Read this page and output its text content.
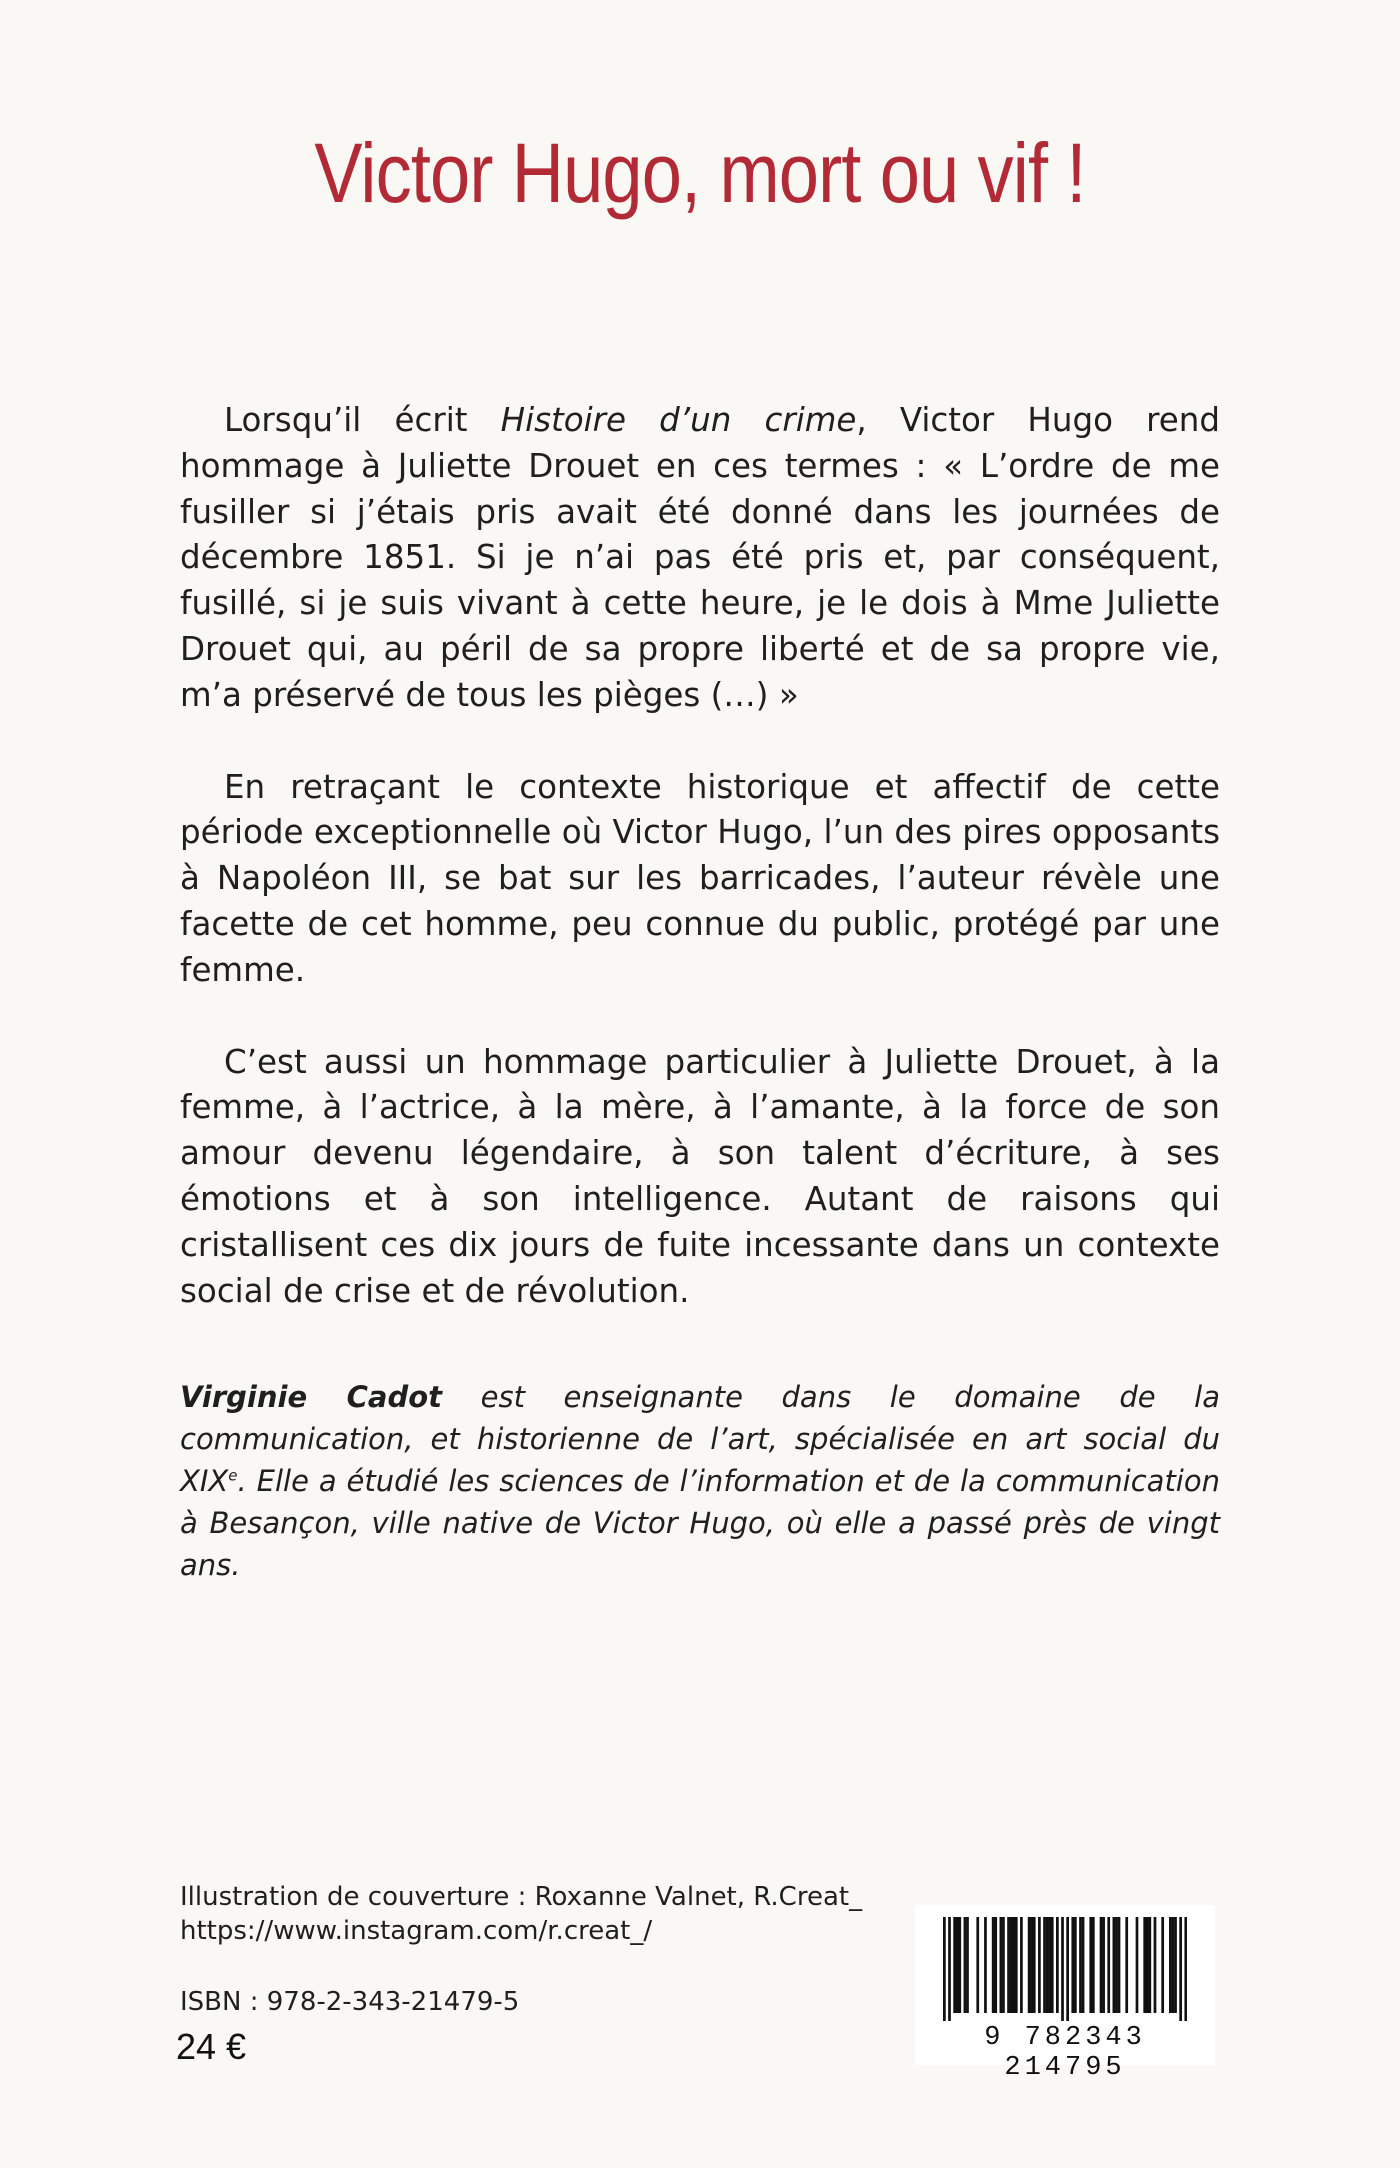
Victor Hugo, mort ou vif !

Lorsqu’il écrit Histoire d’un crime, Victor Hugo rend hommage à Juliette Drouet en ces termes : « L’ordre de me fusiller si j’étais pris avait été donné dans les journées de décembre 1851. Si je n’ai pas été pris et, par conséquent, fusillé, si je suis vivant à cette heure, je le dois à Mme Juliette Drouet qui, au péril de sa propre liberté et de sa propre vie, m’a préservé de tous les pièges (…) »

En retraçant le contexte historique et affectif de cette période exceptionnelle où Victor Hugo, l’un des pires opposants à Napoléon III, se bat sur les barricades, l’auteur révèle une facette de cet homme, peu connue du public, protégé par une femme.

C’est aussi un hommage particulier à Juliette Drouet, à la femme, à l’actrice, à la mère, à l’amante, à la force de son amour devenu légendaire, à son talent d’écriture, à ses émotions et à son intelligence. Autant de raisons qui cristallisent ces dix jours de fuite incessante dans un contexte social de crise et de révolution.

Virginie Cadot est enseignante dans le domaine de la communication, et historienne de l’art, spécialisée en art social du XIXe. Elle a étudié les sciences de l’information et de la communication à Besançon, ville native de Victor Hugo, où elle a passé près de vingt ans.
Illustration de couverture : Roxanne Valnet, R.Creat_
https://www.instagram.com/r.creat_/
ISBN : 978-2-343-21479-5
24 €	9 782343 214795
